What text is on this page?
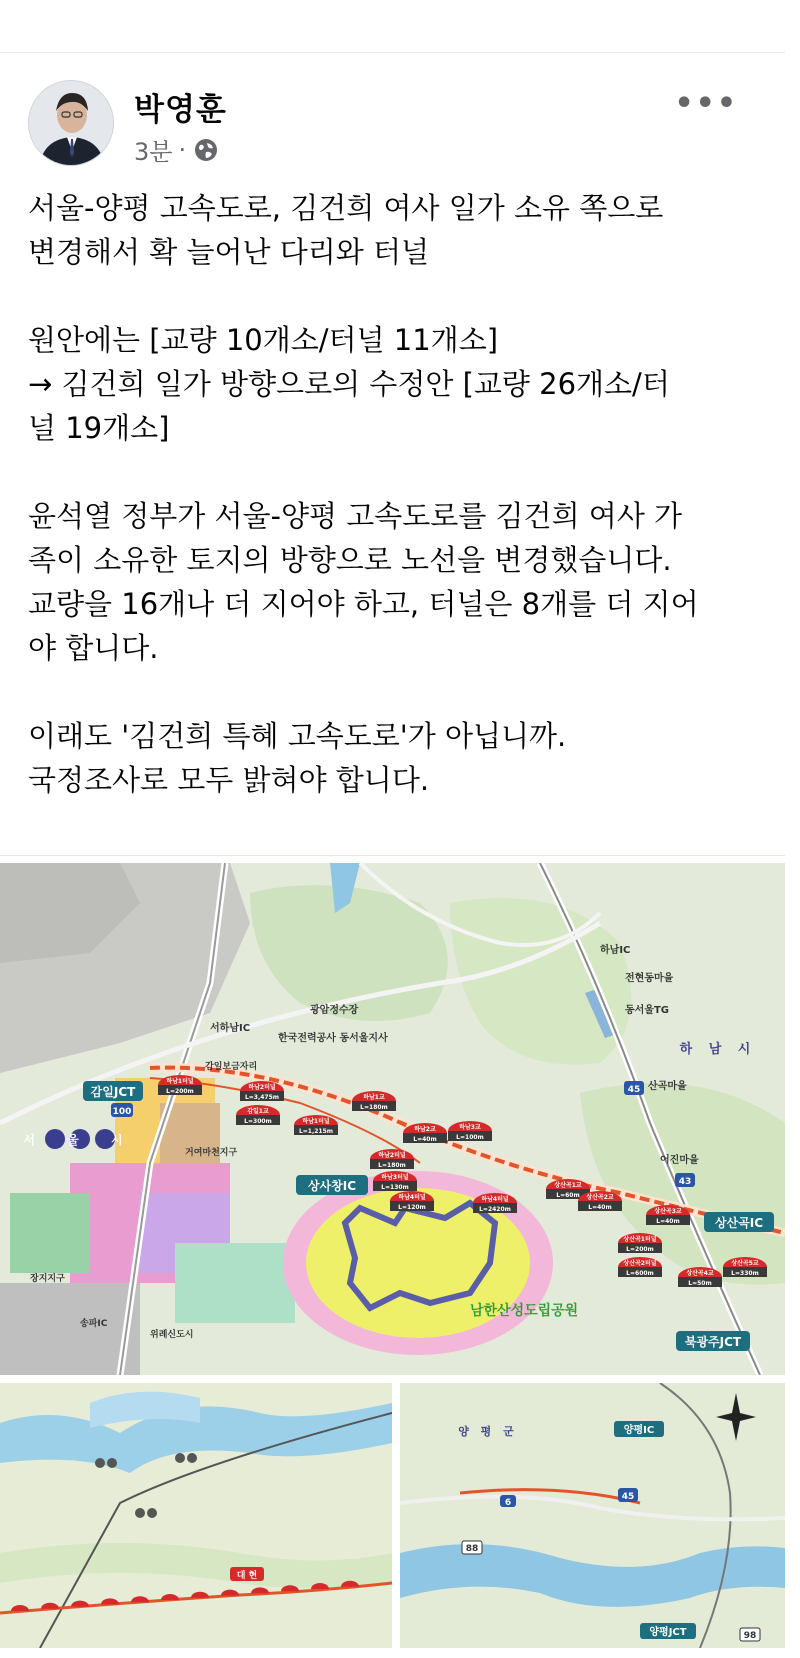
박영훈
3분 ·
•••

서울-양평 고속도로, 김건희 여사 일가 소유 쪽으로
변경해서 확 늘어난 다리와 터널

원안에는 [교량 10개소/터널 11개소]
→ 김건희 일가 방향으로의 수정안 [교량 26개소/터
널 19개소]

윤석열 정부가 서울-양평 고속도로를 김건희 여사 가
족이 소유한 토지의 방향으로 노선을 변경했습니다.
교량을 16개나 더 지어야 하고, 터널은 8개를 더 지어
야 합니다.

이래도 '김건희 특혜 고속도로'가 아닙니까.
국정조사로 모두 밝혀야 합니다.

서 울 시
하 남 시
감일JCT
상사창IC
상산곡IC
북광주JCT
남한산성도립공원
하남IC
전현동마을
동서울TG
광암정수장
서하남IC
한국전력공사 동서울지사
산곡마을
어진마을
감일보금자리
거여마천지구
위례신도시
송파IC
장지지구
100
43
45
하남1터널
L=200m
하남2터널
L=3,475m
감일1교
L=300m	하남1터널
L=1,215m
하남1교
L=180m
하남2교
L=40m
하남3교
L=100m
하남2터널
L=180m
하남3터널
L=130m
하남4터널
L=120m
하남4터널
L=2420m
상산곡1교
L=60m 상산곡2교
L=40m
상산곡3교
L=40m
상산곡1터널
L=200m
상산곡2터널
L=600m	상산곡4교
L=50m
상산곡5교
L=330m
대 현
양평IC
양평JCT
양 평 군
45
6
98
88
